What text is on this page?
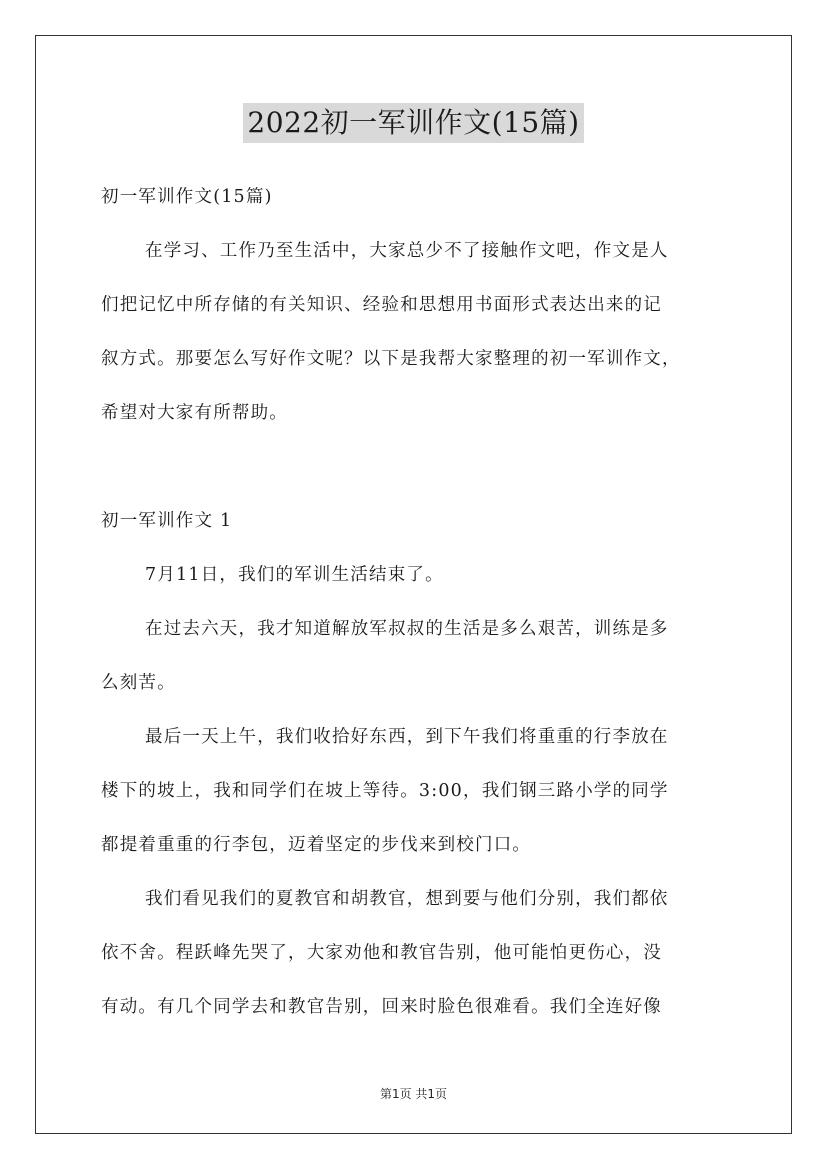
2022初一军训作文(15篇)

初一军训作文(15篇)

在学习、工作乃至生活中，大家总少不了接触作文吧，作文是人

们把记忆中所存储的有关知识、经验和思想用书面形式表达出来的记

叙方式。那要怎么写好作文呢？以下是我帮大家整理的初一军训作文，

希望对大家有所帮助。

初一军训作文 1

7月11日，我们的军训生活结束了。

在过去六天，我才知道解放军叔叔的生活是多么艰苦，训练是多

么刻苦。

最后一天上午，我们收拾好东西，到下午我们将重重的行李放在

楼下的坡上，我和同学们在坡上等待。3:00，我们钢三路小学的同学

都提着重重的行李包，迈着坚定的步伐来到校门口。

我们看见我们的夏教官和胡教官，想到要与他们分别，我们都依

依不舍。程跃峰先哭了，大家劝他和教官告别，他可能怕更伤心，没

有动。有几个同学去和教官告别，回来时脸色很难看。我们全连好像

第1页 共1页
